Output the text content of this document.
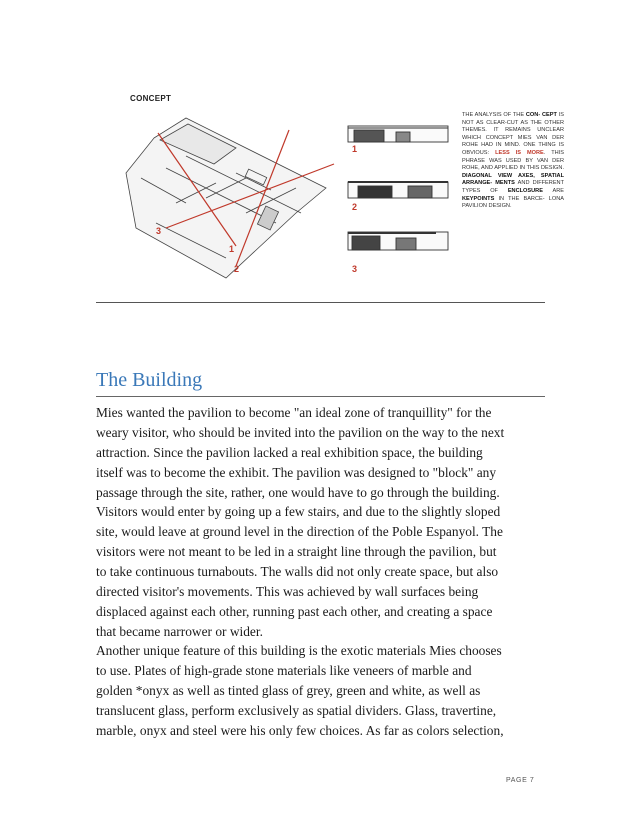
CONCEPT
1
2
3
1
2
3
THE ANALYSIS OF THE CON- CEPT IS NOT AS CLEAR-CUT AS THE OTHER THEMES. IT REMAINS UNCLEAR WHICH CONCEPT MIES VAN DER ROHE HAD IN MIND. ONE THING IS OBVIOUS: LESS IS MORE. THIS PHRASE WAS USED BY VAN DER ROHE, AND APPLIED IN THIS DESIGN. DIAGONAL VIEW AXES, SPATIAL ARRANGE- MENTS AND DIFFERENT TYPES OF ENCLOSURE ARE KEYPOINTS IN THE BARCE- LONA PAVILION DESIGN.
The Building

Mies wanted the pavilion to become "an ideal zone of tranquillity" for the
weary visitor, who should be invited into the pavilion on the way to the next
attraction. Since the pavilion lacked a real exhibition space, the building
itself was to become the exhibit. The pavilion was designed to "block" any
passage through the site, rather, one would have to go through the building.

Visitors would enter by going up a few stairs, and due to the slightly sloped
site, would leave at ground level in the direction of the Poble Espanyol. The
visitors were not meant to be led in a straight line through the pavilion, but
to take continuous turnabouts. The walls did not only create space, but also
directed visitor's movements. This was achieved by wall surfaces being
displaced against each other, running past each other, and creating a space
that became narrower or wider.

Another unique feature of this building is the exotic materials Mies chooses
to use. Plates of high-grade stone materials like veneers of marble and
golden *onyx as well as tinted glass of grey, green and white, as well as
translucent glass, perform exclusively as spatial dividers. Glass, travertine,
marble, onyx and steel were his only few choices. As far as colors selection,

PAGE 7
